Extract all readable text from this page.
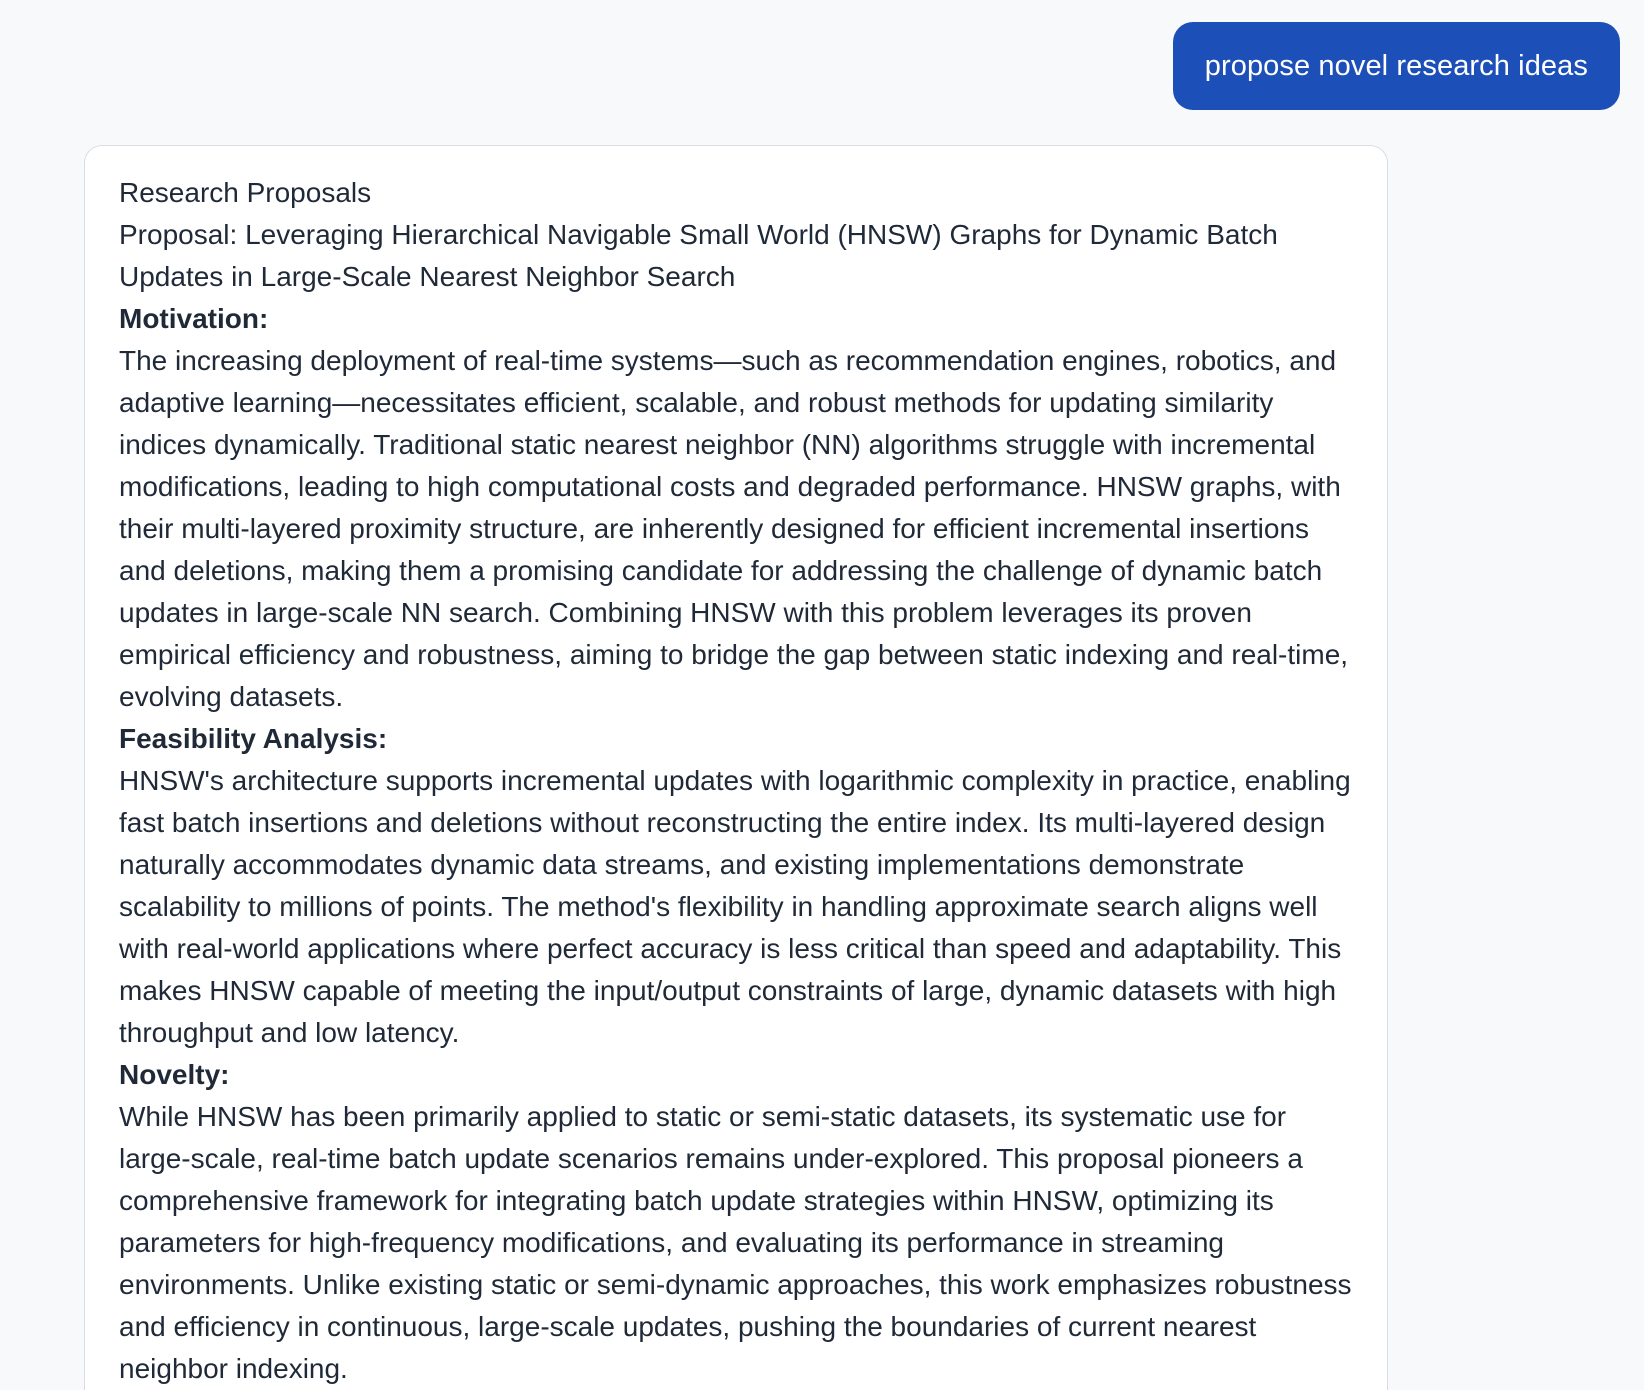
propose novel research ideas
Research Proposals
Proposal: Leveraging Hierarchical Navigable Small World (HNSW) Graphs for Dynamic Batch Updates in Large-Scale Nearest Neighbor Search
Motivation:
The increasing deployment of real-time systems—such as recommendation engines, robotics, and adaptive learning—necessitates efficient, scalable, and robust methods for updating similarity indices dynamically. Traditional static nearest neighbor (NN) algorithms struggle with incremental modifications, leading to high computational costs and degraded performance. HNSW graphs, with their multi-layered proximity structure, are inherently designed for efficient incremental insertions and deletions, making them a promising candidate for addressing the challenge of dynamic batch updates in large-scale NN search. Combining HNSW with this problem leverages its proven empirical efficiency and robustness, aiming to bridge the gap between static indexing and real-time, evolving datasets.
Feasibility Analysis:
HNSW's architecture supports incremental updates with logarithmic complexity in practice, enabling fast batch insertions and deletions without reconstructing the entire index. Its multi-layered design naturally accommodates dynamic data streams, and existing implementations demonstrate scalability to millions of points. The method's flexibility in handling approximate search aligns well with real-world applications where perfect accuracy is less critical than speed and adaptability. This makes HNSW capable of meeting the input/output constraints of large, dynamic datasets with high throughput and low latency.
Novelty:
While HNSW has been primarily applied to static or semi-static datasets, its systematic use for large-scale, real-time batch update scenarios remains under-explored. This proposal pioneers a comprehensive framework for integrating batch update strategies within HNSW, optimizing its parameters for high-frequency modifications, and evaluating its performance in streaming environments. Unlike existing static or semi-dynamic approaches, this work emphasizes robustness and efficiency in continuous, large-scale updates, pushing the boundaries of current nearest neighbor indexing.
